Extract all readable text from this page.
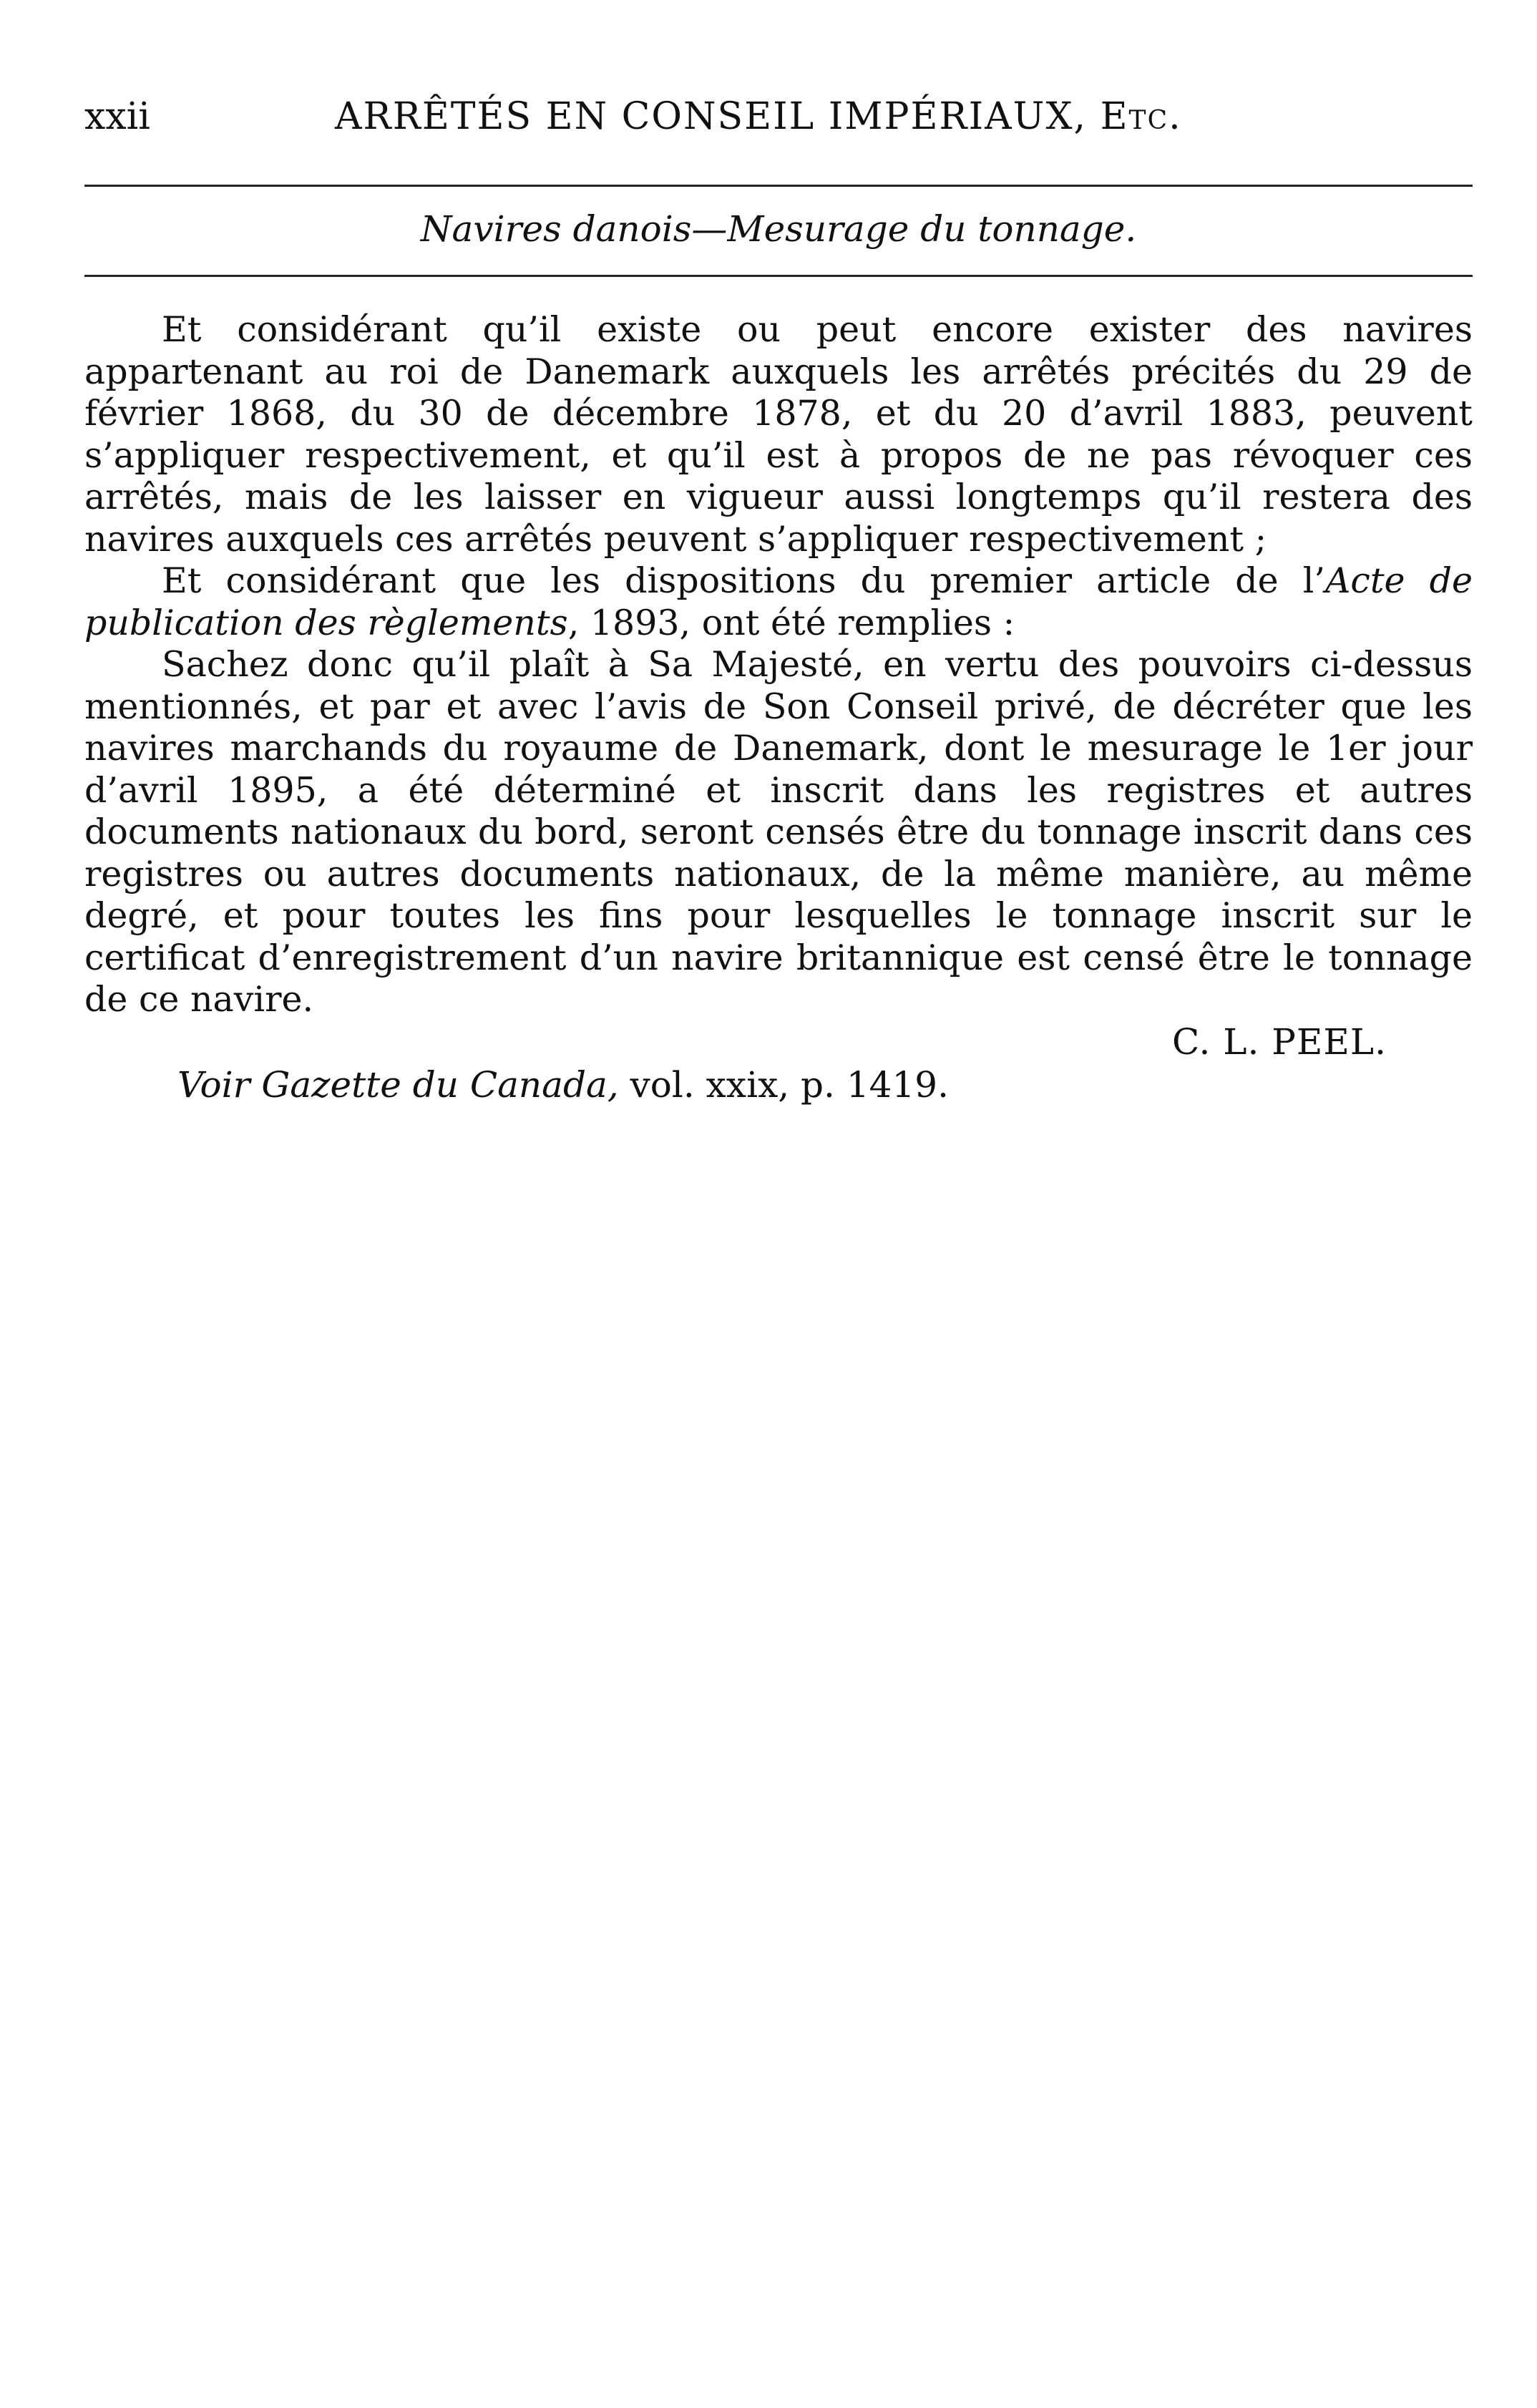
xxii	ARRÊTÉS EN CONSEIL IMPÉRIAUX, Etc.
Navires danois—Mesurage du tonnage.

Et considérant qu’il existe ou peut encore exister des navires appartenant au roi de Danemark auxquels les arrêtés précités du 29 de février 1868, du 30 de décembre 1878, et du 20 d’avril 1883, peuvent s’appliquer respectivement, et qu’il est à propos de ne pas révoquer ces arrêtés, mais de les laisser en vigueur aussi longtemps qu’il restera des navires auxquels ces arrêtés peuvent s’appliquer respectivement ;

Et considérant que les dispositions du premier article de l’Acte de publication des règlements, 1893, ont été remplies :

Sachez donc qu’il plaît à Sa Majesté, en vertu des pouvoirs ci-dessus mentionnés, et par et avec l’avis de Son Conseil privé, de décréter que les navires marchands du royaume de Danemark, dont le mesurage le 1er jour d’avril 1895, a été déterminé et inscrit dans les registres et autres documents nationaux du bord, seront censés être du tonnage inscrit dans ces registres ou autres documents nationaux, de la même manière, au même degré, et pour toutes les fins pour lesquelles le tonnage inscrit sur le certificat d’enregistrement d’un navire britannique est censé être le tonnage de ce navire.

C. L. PEEL.
Voir Gazette du Canada, vol. xxix, p. 1419.
